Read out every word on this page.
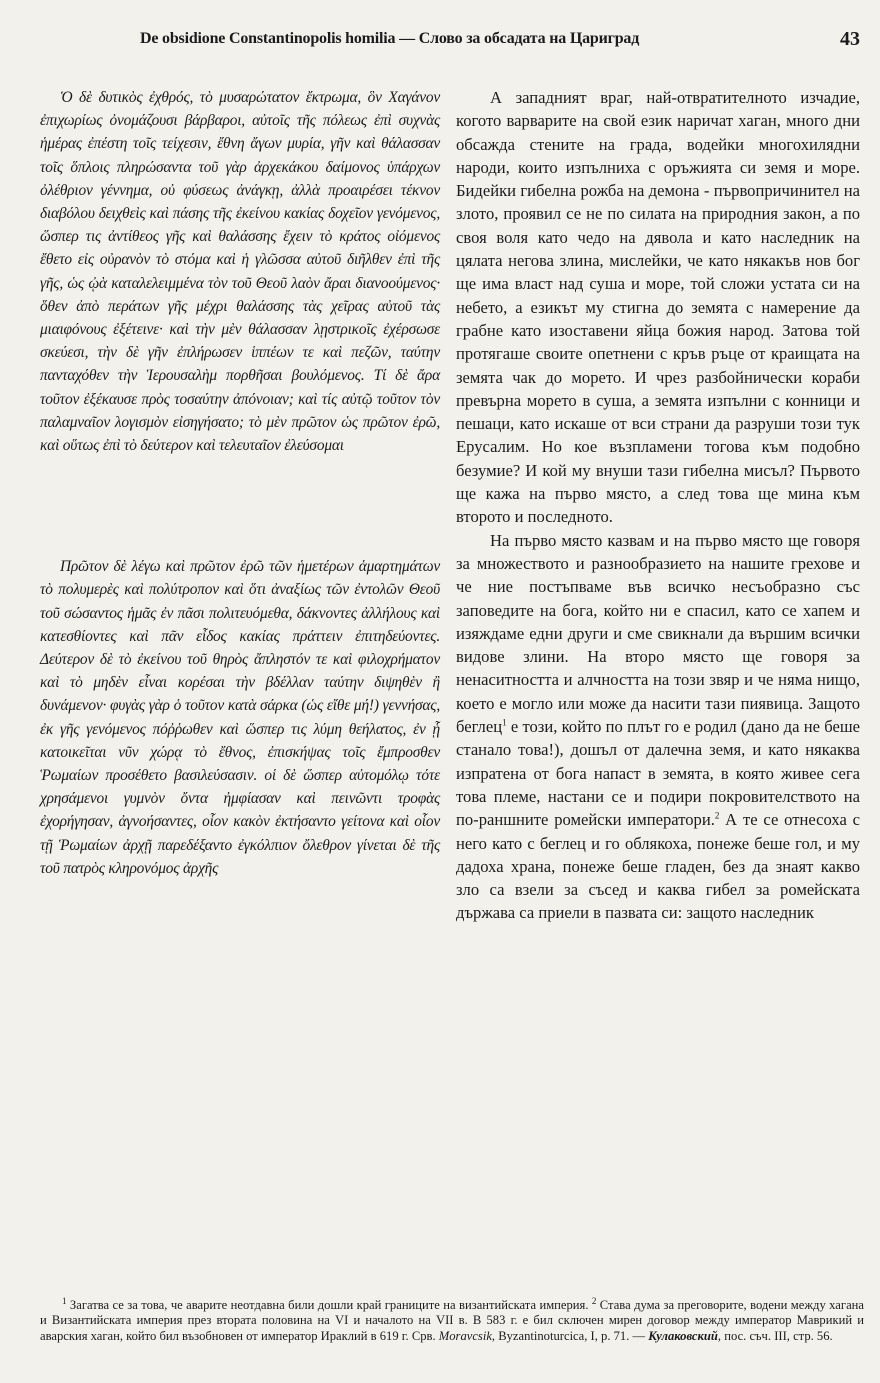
De obsidione Constantinopolis homilia — Слово за обсадата на Цариград	43

Ὁ δὲ δυτικὸς ἐχθρός, τὸ μυσαρώτατον ἔκτρωμα, ὃν Χαγάνον ἐπιχωρίως ὀνομάζουσι βάρβαροι, αὐτοῖς τῆς πόλεως ἐπὶ συχνὰς ἡμέρας ἐπέστη τοῖς τείχεσιν, ἔθνη ἄγων μυρία, γῆν καὶ θάλασσαν τοῖς ὅπλοις πληρώσαντα τοῦ γὰρ ἀρχεκάκου δαίμονος ὑπάρχων ὀλέθριον γέννημα, οὐ φύσεως ἀνάγκῃ, ἀλλὰ προαιρέσει τέκνον διαβόλου δειχθεὶς καὶ πάσης τῆς ἐκείνου κακίας δοχεῖον γενόμενος, ὥσπερ τις ἀντίθεος γῆς καὶ θαλάσσης ἔχειν τὸ κράτος οἰόμενος ἔθετο εἰς οὐρανὸν τὸ στόμα καὶ ἡ γλῶσσα αὐτοῦ διῆλθεν ἐπὶ τῆς γῆς, ὡς ᾠὰ καταλελειμμένα τὸν τοῦ Θεοῦ λαὸν ἄραι διανοούμενος· ὅθεν ἀπὸ περάτων γῆς μέχρι θαλάσσης τὰς χεῖρας αὐτοῦ τὰς μιαιφόνους ἐξέτεινε· καὶ τὴν μὲν θάλασσαν λῃστρικοῖς ἐχέρσωσε σκεύεσι, τὴν δὲ γῆν ἐπλήρωσεν ἱππέων τε καὶ πεζῶν, ταύτην πανταχόθεν τὴν Ἱερουσαλὴμ πορθῆσαι βουλόμενος. Τί δὲ ἄρα τοῦτον ἐξέκαυσε πρὸς τοσαύτην ἀπόνοιαν; καὶ τίς αὐτῷ τοῦτον τὸν παλαμναῖον λογισμὸν εἰσηγήσατο; τὸ μὲν πρῶτον ὡς πρῶτον ἐρῶ, καὶ οὕτως ἐπὶ τὸ δεύτερον καὶ τελευταῖον ἐλεύσομαι

Πρῶτον δὲ λέγω καὶ πρῶτον ἐρῶ τῶν ἡμετέρων ἁμαρτημάτων τὸ πολυμερὲς καὶ πολύτροπον καὶ ὅτι ἀναξίως τῶν ἐντολῶν Θεοῦ τοῦ σώσαντος ἡμᾶς ἐν πᾶσι πολιτευόμεθα, δάκνοντες ἀλλήλους καὶ κατεσθίοντες καὶ πᾶν εἶδος κακίας πράττειν ἐπιτηδεύοντες. Δεύτερον δὲ τὸ ἐκείνου τοῦ θηρὸς ἄπληστόν τε καὶ φιλοχρήματον καὶ τὸ μηδὲν εἶναι κορέσαι τὴν βδέλλαν ταύτην διψηθὲν ἢ δυνάμενον· φυγὰς γὰρ ὁ τοῦτον κατὰ σάρκα (ὡς εἴθε μή!) γεννήσας, ἐκ γῆς γενόμενος πόῤῥωθεν καὶ ὥσπερ τις λύμη θεήλατος, ἐν ᾗ κατοικεῖται νῦν χώρᾳ τὸ ἔθνος, ἐπισκήψας τοῖς ἔμπροσθεν Ῥωμαίων προσέθετο βασιλεύσασιν. οἱ δὲ ὥσπερ αὐτομόλῳ τότε χρησάμενοι γυμνὸν ὄντα ἠμφίασαν καὶ πεινῶντι τροφὰς ἐχορήγησαν, ἀγνοήσαντες, οἷον κακὸν ἐκτήσαντο γείτονα καὶ οἷον τῇ Ῥωμαίων ἀρχῇ παρεδέξαντο ἐγκόλπιον ὄλεθρον γίνεται δὲ τῆς τοῦ πατρὸς κληρονόμος ἀρχῆς

А западният враг, най-отвратителното изчадие, когото варварите на свой език наричат хаган, много дни обсаждa стените на града, водейки многохилядни народи, които изпълниха с оръжията си земя и море. Бидейки гибелна рожба на демона - първопричинител на злото, проявил се не по силата на природния закон, а по своя воля като чедо на дявола и като наследник на цялата негова злина, мислейки, че като някакъв нов бог ще има власт над суша и море, той сложи устата си на небето, а езикът му стигна до земята с намерение да грабне като изоставени яйца божия народ. Затова той протягаше своите опетнени с кръв ръце от краищата на земята чак до морето. И чрез разбойнически кораби превърна морето в суша, а земята изпълни с конници и пешаци, като искаше от вси страни да разруши този тук Ерусалим. Но кое възпламени тогова към подобно безумие? И кой му внуши тази гибелна мисъл? Първото ще кажа на първо място, а след това ще мина към второто и последното.

На първо място казвам и на първо място ще говоря за множеството и разнообразието на нашите грехове и че ние постъпваме във всичко несъобразно със заповедите на бога, който ни е спасил, като се хапем и изяждаме едни други и сме свикнали да вършим всички видове злини. На второ място ще говоря за ненаситността и алчността на този звяр и че няма нищо, което е могло или може да насити тази пиявица. Защото беглец$^1$ е този, който по плът го е родил (дано да не беше станало това!), дошъл от далечна земя, и като някаква изпратена от бога напаст в земята, в която живее сега това племе, настани се и подири покровителството на по-раншните ромейски императори.$^2$ А те се отнесоха с него като с беглец и го облякоха, понеже беше гол, и му дадоха храна, понеже беше гладен, без да знаят какво зло са взели за съсед и каква гибел за ромейската държава са приели в пазвата си: защото наследник

$^1$ Загатва се за това, че аварите неотдавна били дошли край границите на византийската империя. $^2$ Става дума за преговорите, водени между хагана и Византийската империя през втората половина на VI и началото на VII в. В 583 г. е бил сключен мирен договор между император Маврикий и аварския хаган, който бил възобновен от император Ираклий в 619 г. Срв. Moravcsik, Byzantinoturcica, I, p. 71. — Кулаковский, пос. съч. III, стр. 56.
